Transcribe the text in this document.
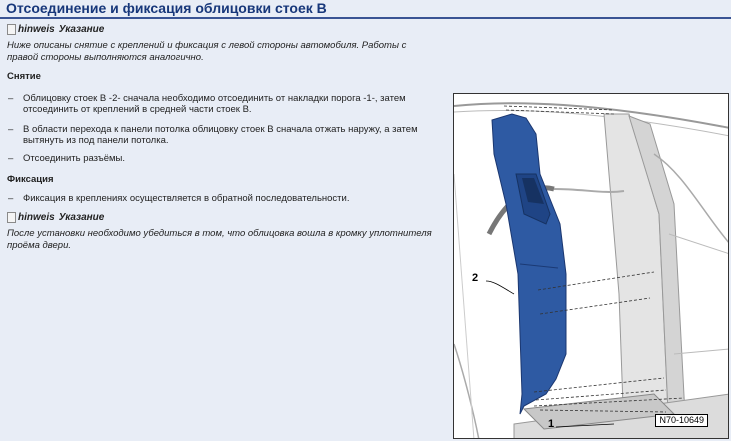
Отсоединение и фиксация облицовки стоек B
hinweis Указание
Ниже описаны снятие с креплений и фиксация с левой стороны автомобиля. Работы с правой стороны выполняются аналогично.
Снятие
–	Облицовку стоек B -2- сначала необходимо отсоединить от накладки порога -1-, затем отсоединить от креплений в средней части стоек B.
–	В области перехода к панели потолка облицовку стоек B сначала отжать наружу, а затем вытянуть из под панели потолка.
–	Отсоединить разъёмы.
Фиксация
–	Фиксация в креплениях осуществляется в обратной последовательности.
hinweis Указание
После установки необходимо убедиться в том, что облицовка вошла в кромку уплотнителя проёма двери.
2
1	N70-10649
